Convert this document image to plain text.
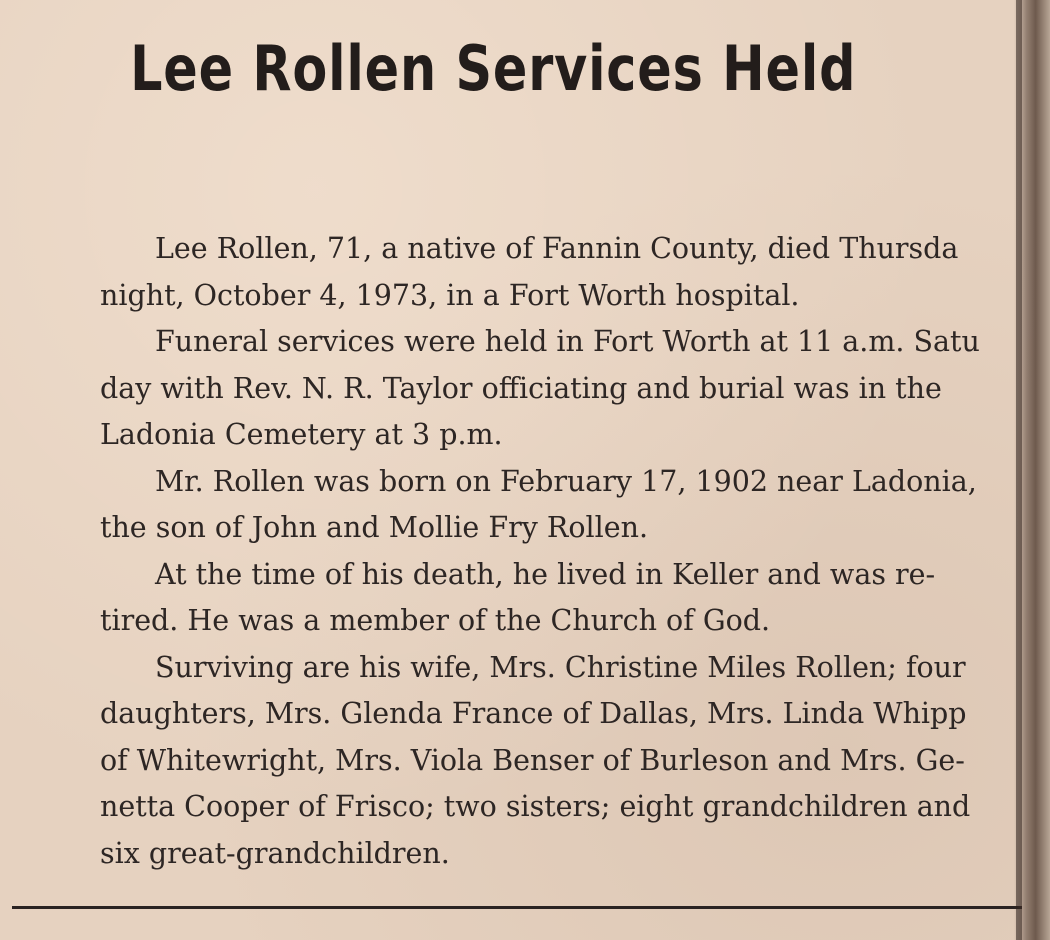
Lee Rollen Services Held

Lee Rollen, 71, a native of Fannin County, died Thursda
night, October 4, 1973, in a Fort Worth hospital.

Funeral services were held in Fort Worth at 11 a.m. Satu
day with Rev. N. R. Taylor officiating and burial was in the
Ladonia Cemetery at 3 p.m.

Mr. Rollen was born on February 17, 1902 near Ladonia,
the son of John and Mollie Fry Rollen.

At the time of his death, he lived in Keller and was re-
tired. He was a member of the Church of God.

Surviving are his wife, Mrs. Christine Miles Rollen; four
daughters, Mrs. Glenda France of Dallas, Mrs. Linda Whipp
of Whitewright, Mrs. Viola Benser of Burleson and Mrs. Ge-
netta Cooper of Frisco; two sisters; eight grandchildren and
six great-grandchildren.
